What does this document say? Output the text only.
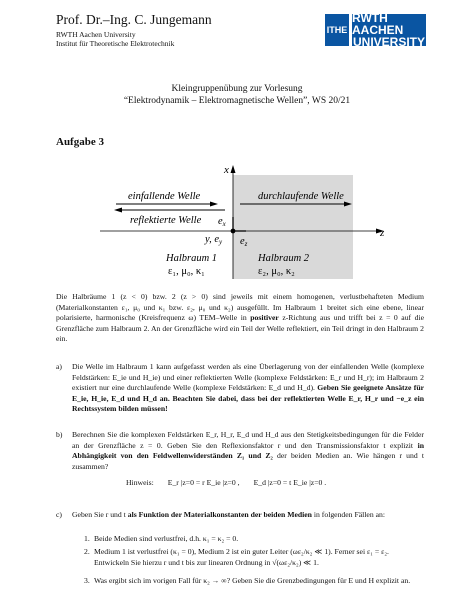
Prof. Dr.–Ing. C. Jungemann
RWTH Aachen University
Institut für Theoretische Elektrotechnik
ITHE
RWTH AACHEN
UNIVERSITY
Kleingruppenübung zur Vorlesung
“Elektrodynamik – Elektromagnetische Wellen”, WS 20/21
Aufgabe 3
x
z
einfallende Welle
reflektierte Welle
durchlaufende Welle
ex
y, ey ez
Halbraum 1
ε₁, μ₀, κ₁
Halbraum 2
ε₂, μ₀, κ₂
Die Halbräume 1 (z < 0) bzw. 2 (z > 0) sind jeweils mit einem homogenen, verlustbehafteten Medium (Materialkonstanten ε₁, μ₀ und κ₁ bzw. ε₂, μ₀ und κ₂) ausgefüllt. Im Halbraum 1 breitet sich eine ebene, linear polarisierte, harmonische (Kreisfrequenz ω) TEM–Welle in positiver z-Richtung aus und trifft bei z = 0 auf die Grenzfläche zum Halbraum 2. An der Grenzfläche wird ein Teil der Welle reflektiert, ein Teil dringt in den Halbraum 2 ein.
a) Die Welle im Halbraum 1 kann aufgefasst werden als eine Überlagerung von der einfallenden Welle (komplexe Feldstärken: E_ie und H_ie) und einer reflektierten Welle (komplexe Feldstärken: E_r und H_r); im Halbraum 2 existiert nur eine durchlaufende Welle (komplexe Feldstärken: E_d und H_d). Geben Sie geeignete Ansätze für E_ie, H_ie, E_d und H_d an. Beachten Sie dabei, dass bei der reflektierten Welle E_r, H_r und −e_z ein Rechtssystem bilden müssen!
b) Berechnen Sie die komplexen Feldstärken E_r, H_r, E_d und H_d aus den Stetigkeitsbedingungen für die Felder an der Grenzfläche z = 0. Geben Sie den Reflexionsfaktor r und den Transmissionsfaktor t explizit in Abhängigkeit von den Feldwellenwiderständen Z₁ und Z₂ der beiden Medien an. Wie hängen r und t zusammen?
Hinweis: E_r |z=0 = r E_ie |z=0 , E_d |z=0 = t E_ie |z=0 .
c) Geben Sie r und t als Funktion der Materialkonstanten der beiden Medien in folgenden Fällen an:
1. Beide Medien sind verlustfrei, d.h. κ₁ = κ₂ = 0.
2. Medium 1 ist verlustfrei (κ₁ = 0), Medium 2 ist ein guter Leiter (ωε₂/κ₂ ≪ 1). Ferner sei ε₁ = ε₂. Entwickeln Sie hierzu r und t bis zur linearen Ordnung in √(ωε₂/κ₂) ≪ 1.
3. Was ergibt sich im vorigen Fall für κ₂ → ∞? Geben Sie die Grenzbedingungen für E und H explizit an.
